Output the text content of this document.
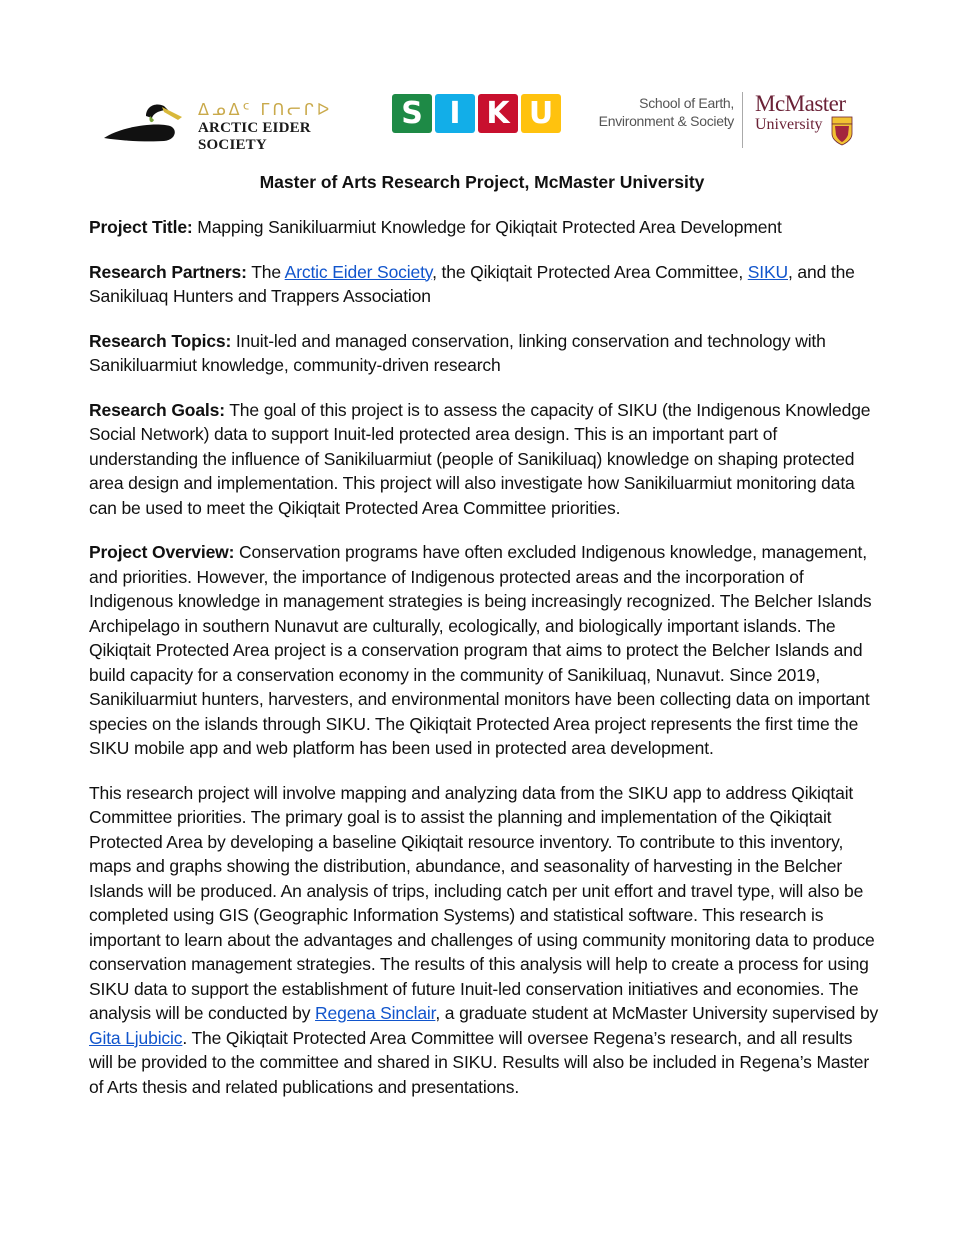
ᐃᓄᐃᑦ ᒥᑎᓕᒋᐅ
ARCTIC EIDER SOCIETY
S I K U	School of Earth,
Environment & Society
McMaster
University
Master of Arts Research Project, McMaster University

Project Title: Mapping Sanikiluarmiut Knowledge for Qikiqtait Protected Area Development

Research Partners: The Arctic Eider Society, the Qikiqtait Protected Area Committee, SIKU, and the Sanikiluaq Hunters and Trappers Association

Research Topics: Inuit-led and managed conservation, linking conservation and technology with Sanikiluarmiut knowledge, community-driven research

Research Goals: The goal of this project is to assess the capacity of SIKU (the Indigenous Knowledge Social Network) data to support Inuit-led protected area design. This is an important part of understanding the influence of Sanikiluarmiut (people of Sanikiluaq) knowledge on shaping protected area design and implementation. This project will also investigate how Sanikiluarmiut monitoring data can be used to meet the Qikiqtait Protected Area Committee priorities.

Project Overview: Conservation programs have often excluded Indigenous knowledge, management, and priorities. However, the importance of Indigenous protected areas and the incorporation of Indigenous knowledge in management strategies is being increasingly recognized. The Belcher Islands Archipelago in southern Nunavut are culturally, ecologically, and biologically important islands. The Qikiqtait Protected Area project is a conservation program that aims to protect the Belcher Islands and build capacity for a conservation economy in the community of Sanikiluaq, Nunavut. Since 2019, Sanikiluarmiut hunters, harvesters, and environmental monitors have been collecting data on important species on the islands through SIKU. The Qikiqtait Protected Area project represents the first time the SIKU mobile app and web platform has been used in protected area development.

This research project will involve mapping and analyzing data from the SIKU app to address Qikiqtait Committee priorities. The primary goal is to assist the planning and implementation of the Qikiqtait Protected Area by developing a baseline Qikiqtait resource inventory. To contribute to this inventory, maps and graphs showing the distribution, abundance, and seasonality of harvesting in the Belcher Islands will be produced. An analysis of trips, including catch per unit effort and travel type, will also be completed using GIS (Geographic Information Systems) and statistical software. This research is important to learn about the advantages and challenges of using community monitoring data to produce conservation management strategies. The results of this analysis will help to create a process for using SIKU data to support the establishment of future Inuit-led conservation initiatives and economies. The analysis will be conducted by Regena Sinclair, a graduate student at McMaster University supervised by Gita Ljubicic. The Qikiqtait Protected Area Committee will oversee Regena’s research, and all results will be provided to the committee and shared in SIKU. Results will also be included in Regena’s Master of Arts thesis and related publications and presentations.
